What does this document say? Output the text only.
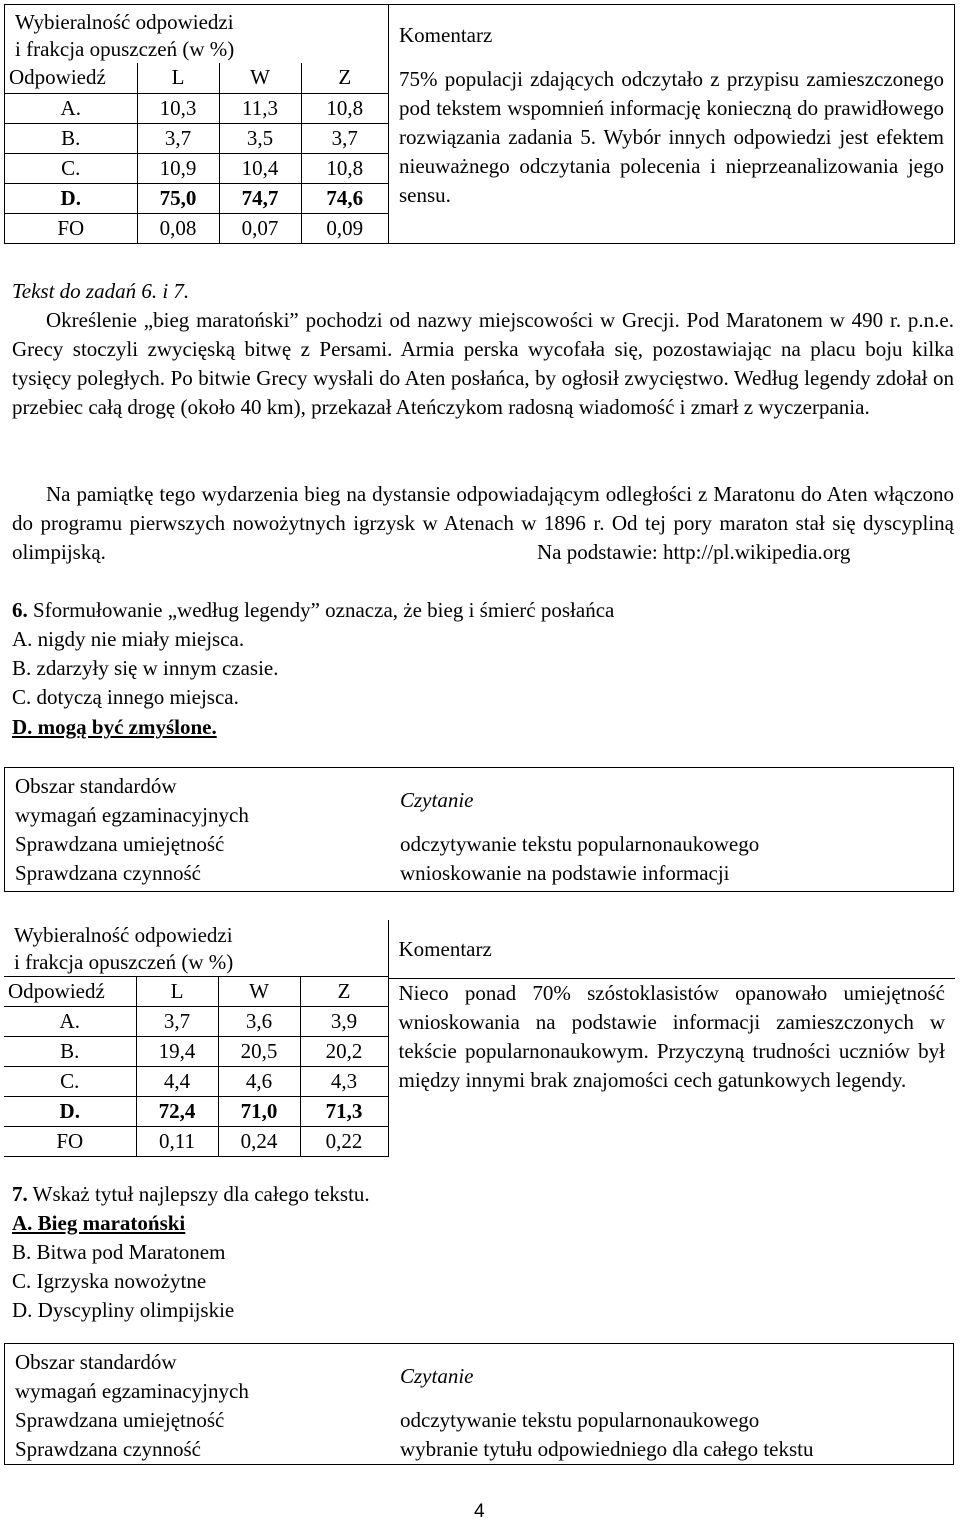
Wybieralność odpowiedzi
i frakcja opuszczeń (w %)
Odpowiedź	L	W	Z
A.	10,3	11,3	10,8
B.	3,7	3,5	3,7
C.	10,9	10,4	10,8
D.	75,0	74,7	74,6
FO	0,08	0,07	0,09

Komentarz
75% populacji zdających odczytało z przypisu zamieszczonego pod tekstem wspomnień informację konieczną do prawidłowego rozwiązania zadania 5. Wybór innych odpowiedzi jest efektem nieuważnego odczytania polecenia i nieprzeanalizowania jego sensu.
Tekst do zadań 6. i 7.
Określenie „bieg maratoński” pochodzi od nazwy miejscowości w Grecji. Pod Maratonem w 490 r. p.n.e. Grecy stoczyli zwycięską bitwę z Persami. Armia perska wycofała się, pozostawiając na placu boju kilka tysięcy poległych. Po bitwie Grecy wysłali do Aten posłańca, by ogłosił zwycięstwo. Według legendy zdołał on przebiec całą drogę (około 40 km), przekazał Ateńczykom radosną wiadomość i zmarł z wyczerpania.
Na pamiątkę tego wydarzenia bieg na dystansie odpowiadającym odległości z Maratonu do Aten włączono do programu pierwszych nowożytnych igrzysk w Atenach w 1896 r. Od tej pory maraton stał się dyscypliną olimpijską.	Na podstawie: http://pl.wikipedia.org
6. Sformułowanie „według legendy” oznacza, że bieg i śmierć posłańca
A. nigdy nie miały miejsca.
B. zdarzyły się w innym czasie.
C. dotyczą innego miejsca.
D. mogą być zmyślone.
Obszar standardów
wymagań egzaminacyjnych
Czytanie
Sprawdzana umiejętność	odczytywanie tekstu popularnonaukowego
Sprawdzana czynność	wnioskowanie na podstawie informacji
Wybieralność odpowiedzi
i frakcja opuszczeń (w %)
Odpowiedź	L	W	Z
A.	3,7	3,6	3,9
B.	19,4	20,5	20,2
C.	4,4	4,6	4,3
D.	72,4	71,0	71,3
FO	0,11	0,24	0,22

Komentarz
Nieco ponad 70% szóstoklasistów opanowało umiejętność wnioskowania na podstawie informacji zamieszczonych w tekście popularnonaukowym. Przyczyną trudności uczniów był między innymi brak znajomości cech gatunkowych legendy.
7. Wskaż tytuł najlepszy dla całego tekstu.
A. Bieg maratoński
B. Bitwa pod Maratonem
C. Igrzyska nowożytne
D. Dyscypliny olimpijskie
Obszar standardów
wymagań egzaminacyjnych
Czytanie
Sprawdzana umiejętność	odczytywanie tekstu popularnonaukowego
Sprawdzana czynność	wybranie tytułu odpowiedniego dla całego tekstu
4
